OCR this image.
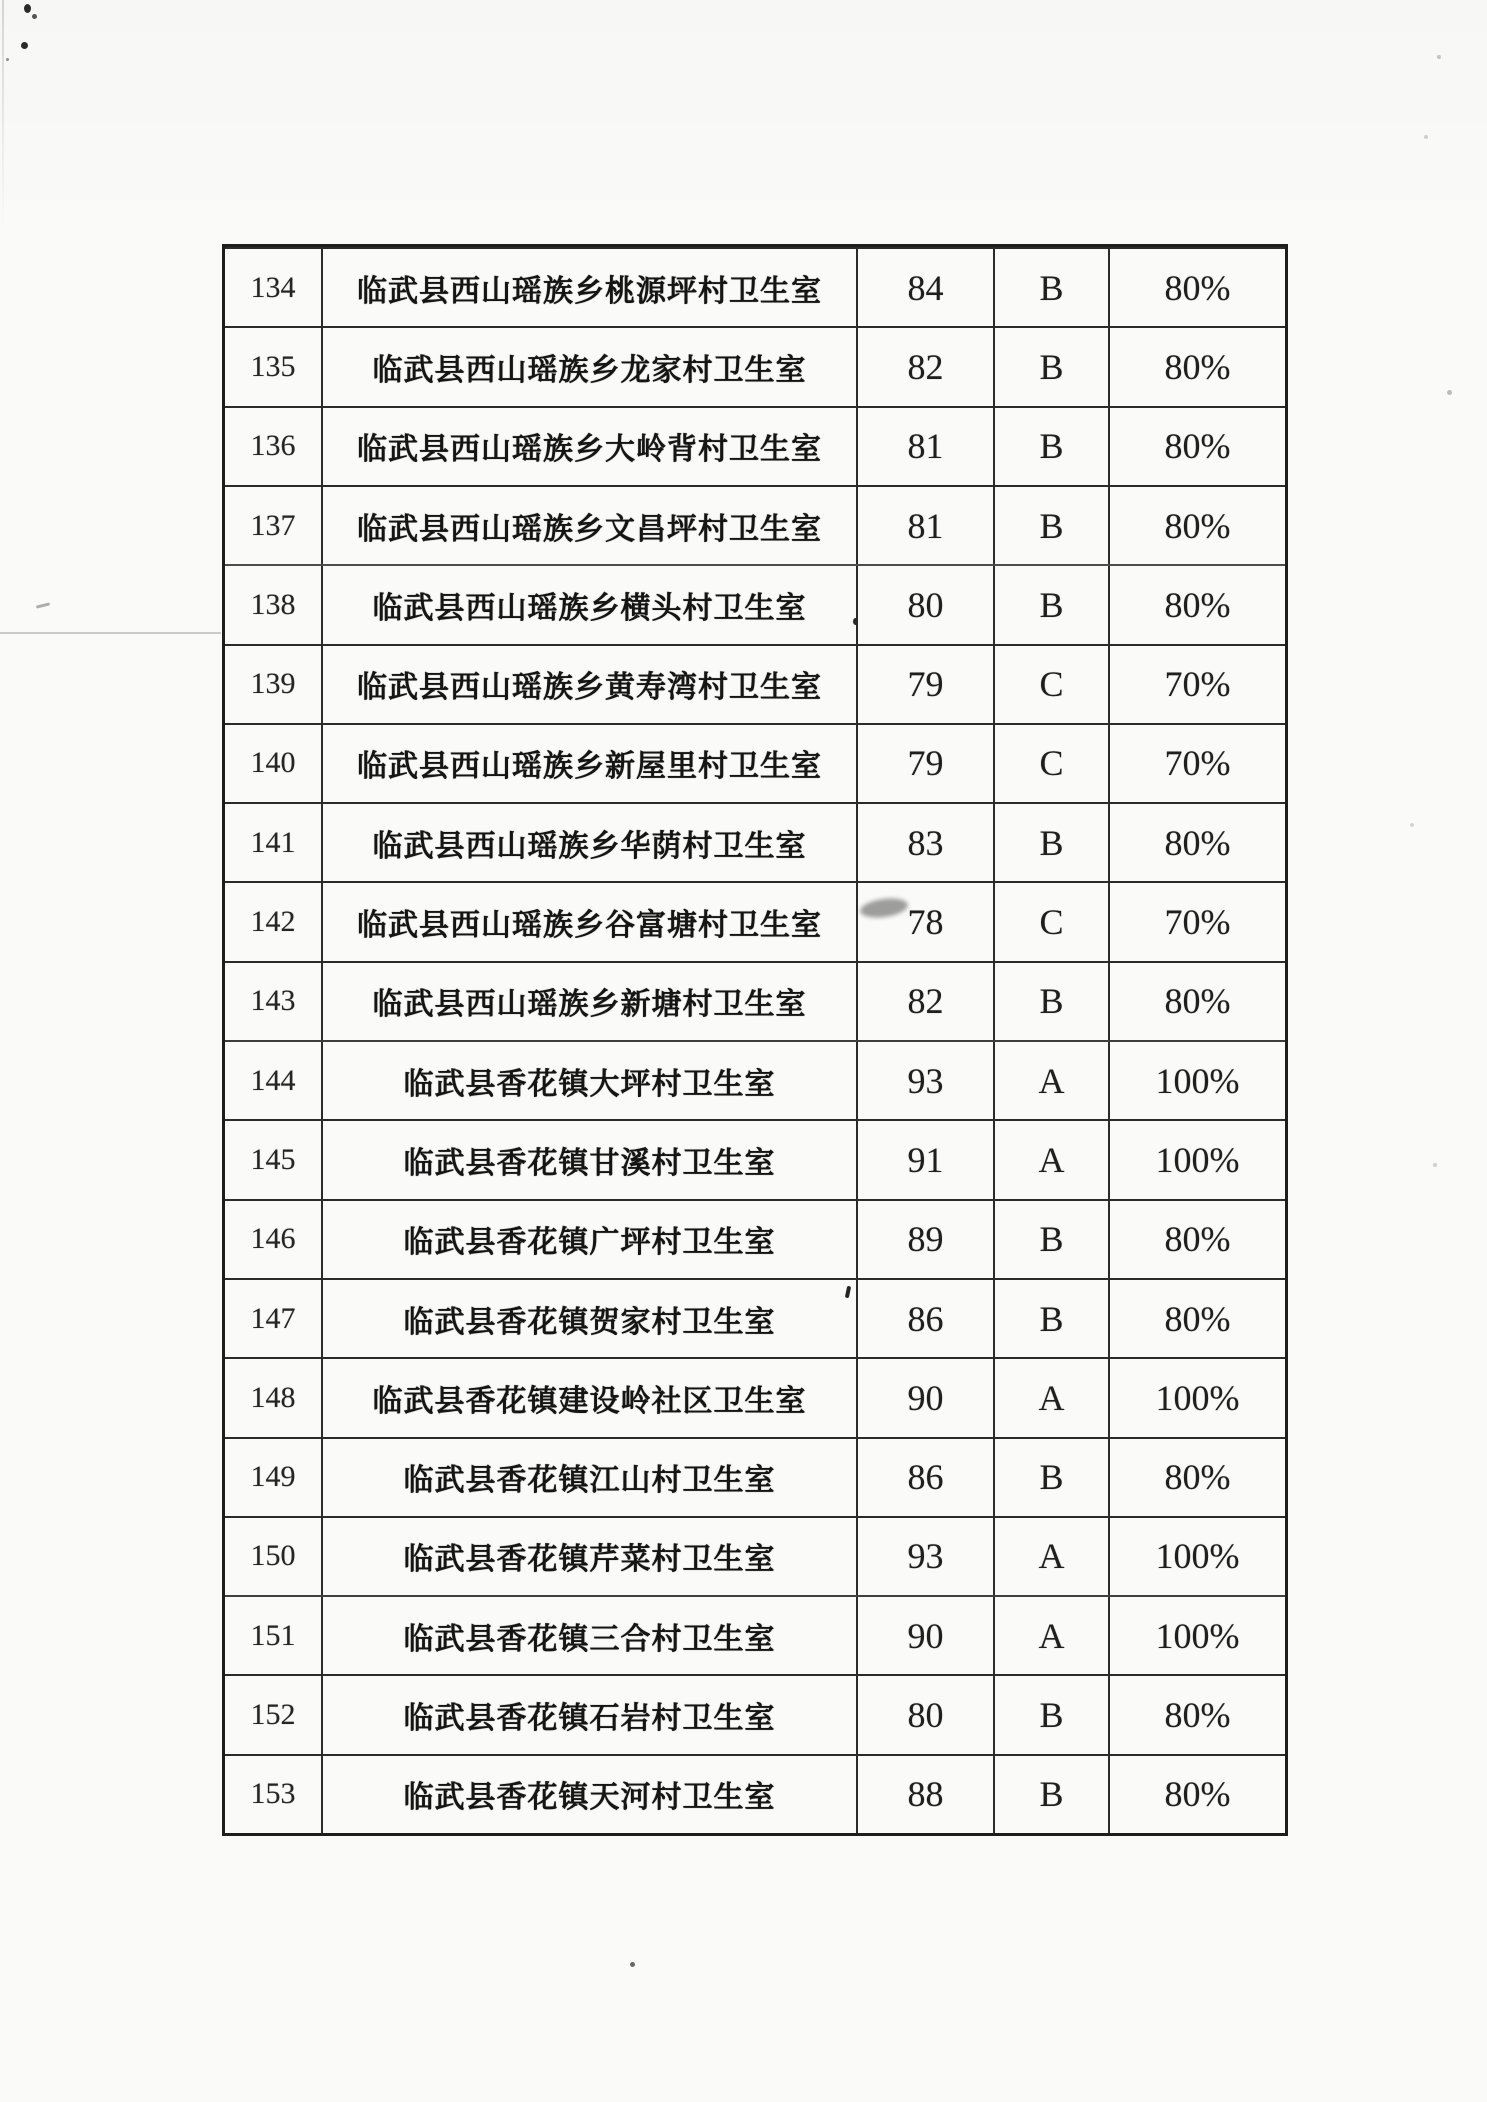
134	临武县西山瑶族乡桃源坪村卫生室	84	B	80%
135	临武县西山瑶族乡龙家村卫生室	82	B	80%
136	临武县西山瑶族乡大岭背村卫生室	81	B	80%
137	临武县西山瑶族乡文昌坪村卫生室	81	B	80%
138	临武县西山瑶族乡横头村卫生室	80	B	80%
139	临武县西山瑶族乡黄寿湾村卫生室	79	C	70%
140	临武县西山瑶族乡新屋里村卫生室	79	C	70%
141	临武县西山瑶族乡华荫村卫生室	83	B	80%
142	临武县西山瑶族乡谷富塘村卫生室	78	C	70%
143	临武县西山瑶族乡新塘村卫生室	82	B	80%
144	临武县香花镇大坪村卫生室	93	A	100%
145	临武县香花镇甘溪村卫生室	91	A	100%
146	临武县香花镇广坪村卫生室	89	B	80%
147	临武县香花镇贺家村卫生室	86	B	80%
148	临武县香花镇建设岭社区卫生室	90	A	100%
149	临武县香花镇江山村卫生室	86	B	80%
150	临武县香花镇芹菜村卫生室	93	A	100%
151	临武县香花镇三合村卫生室	90	A	100%
152	临武县香花镇石岩村卫生室	80	B	80%
153	临武县香花镇天河村卫生室	88	B	80%
